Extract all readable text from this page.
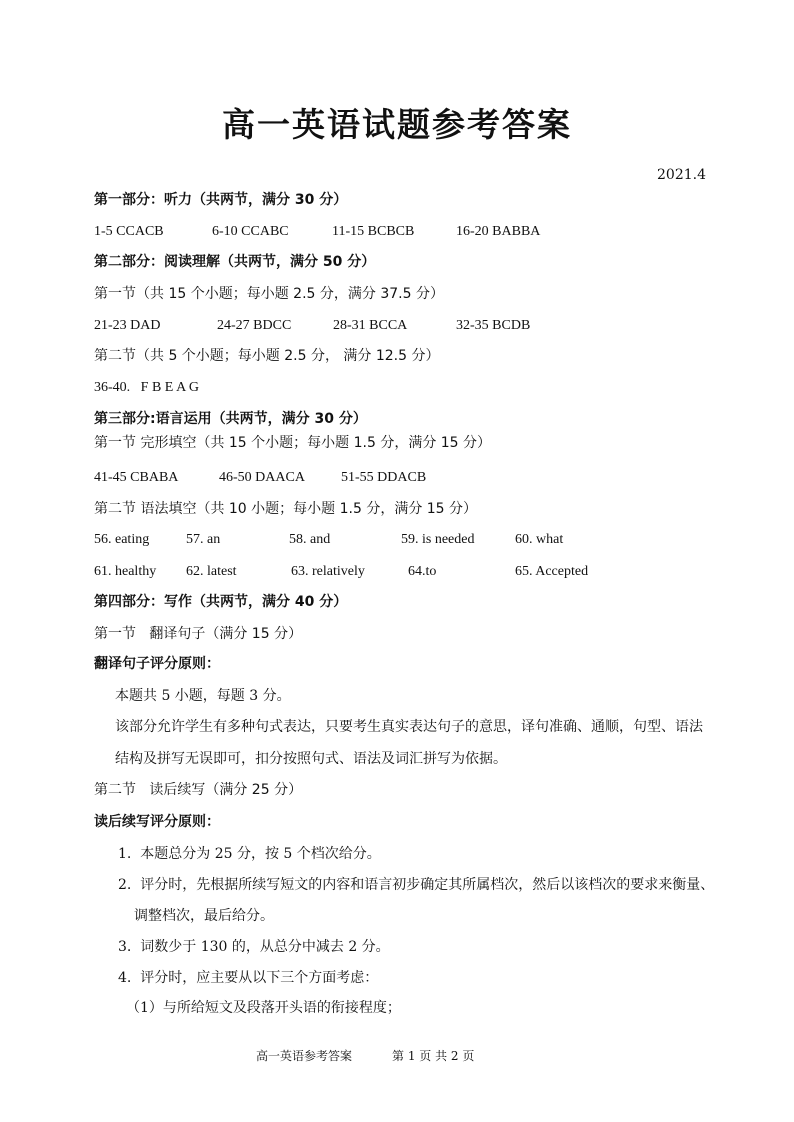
高一英语试题参考答案
2021.4
第一部分：听力（共两节，满分 30 分）
1-5 CCACB	6-10 CCABC	11-15 BCBCB	16-20 BABBA
第二部分：阅读理解（共两节，满分 50 分）
第一节（共 15 个小题；每小题 2.5 分，满分 37.5 分）
21-23 DAD	24-27 BDCC	28-31 BCCA	32-35 BCDB
第二节（共 5 个小题；每小题 2.5 分， 满分 12.5 分）
36-40.   F B E A G
第三部分:语言运用（共两节，满分 30 分）
第一节 完形填空（共 15 个小题；每小题 1.5 分，满分 15 分）
41-45 CBABA	46-50 DAACA	51-55 DDACB
第二节 语法填空（共 10 小题；每小题 1.5 分，满分 15 分）
56. eating	57. an	58. and	59. is needed	60. what
61. healthy 62. latest	63. relatively	64.to	65. Accepted
第四部分：写作（共两节，满分 40 分）
第一节   翻译句子（满分 15 分）
翻译句子评分原则：
本题共 5 小题，每题 3 分。
该部分允许学生有多种句式表达，只要考生真实表达句子的意思，译句准确、通顺，句型、语法
结构及拼写无误即可，扣分按照句式、语法及词汇拼写为依据。
第二节   读后续写（满分 25 分）
读后续写评分原则：
1.  本题总分为 25 分，按 5 个档次给分。
2.  评分时，先根据所续写短文的内容和语言初步确定其所属档次，然后以该档次的要求来衡量、
调整档次，最后给分。
3.  词数少于 130 的，从总分中减去 2 分。
4.  评分时，应主要从以下三个方面考虑：
（1）与所给短文及段落开头语的衔接程度；
高一英语参考答案	第 1 页 共 2 页
